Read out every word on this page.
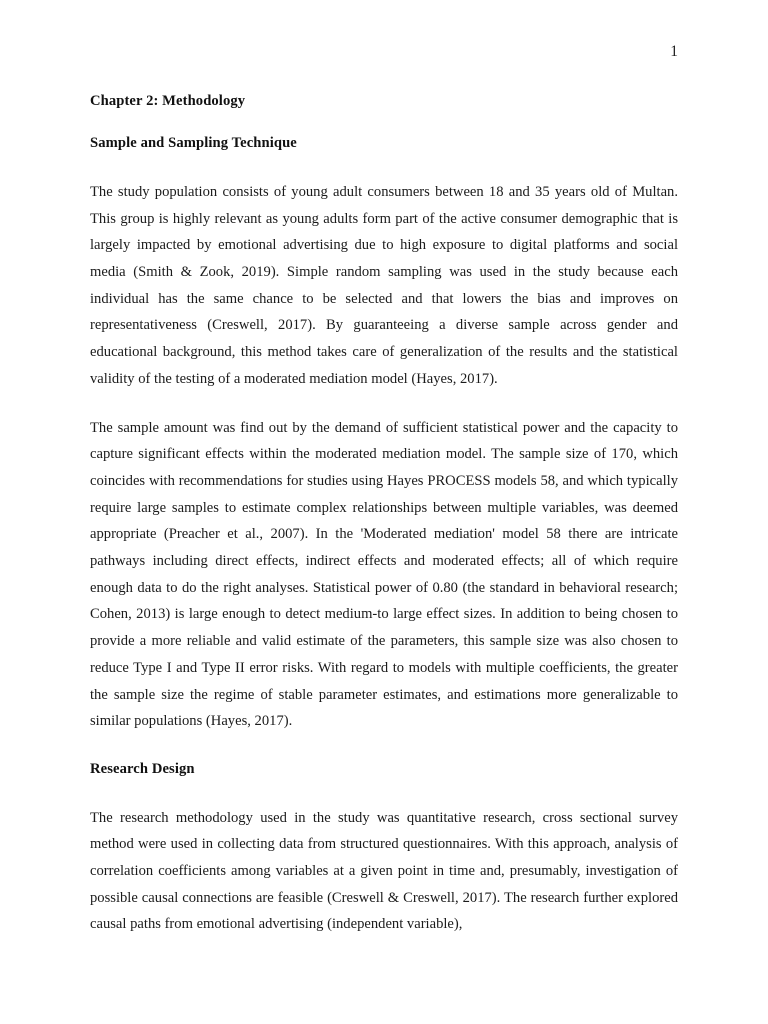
1

Chapter 2: Methodology

Sample and Sampling Technique

The study population consists of young adult consumers between 18 and 35 years old of Multan. This group is highly relevant as young adults form part of the active consumer demographic that is largely impacted by emotional advertising due to high exposure to digital platforms and social media (Smith & Zook, 2019). Simple random sampling was used in the study because each individual has the same chance to be selected and that lowers the bias and improves on representativeness (Creswell, 2017). By guaranteeing a diverse sample across gender and educational background, this method takes care of generalization of the results and the statistical validity of the testing of a moderated mediation model (Hayes, 2017).

The sample amount was find out by the demand of sufficient statistical power and the capacity to capture significant effects within the moderated mediation model. The sample size of 170, which coincides with recommendations for studies using Hayes PROCESS models 58, and which typically require large samples to estimate complex relationships between multiple variables, was deemed appropriate (Preacher et al., 2007). In the 'Moderated mediation' model 58 there are intricate pathways including direct effects, indirect effects and moderated effects; all of which require enough data to do the right analyses. Statistical power of 0.80 (the standard in behavioral research; Cohen, 2013) is large enough to detect medium-to large effect sizes. In addition to being chosen to provide a more reliable and valid estimate of the parameters, this sample size was also chosen to reduce Type I and Type II error risks. With regard to models with multiple coefficients, the greater the sample size the regime of stable parameter estimates, and estimations more generalizable to similar populations (Hayes, 2017).

Research Design

The research methodology used in the study was quantitative research, cross sectional survey method were used in collecting data from structured questionnaires. With this approach, analysis of correlation coefficients among variables at a given point in time and, presumably, investigation of possible causal connections are feasible (Creswell & Creswell, 2017). The research further explored causal paths from emotional advertising (independent variable),
